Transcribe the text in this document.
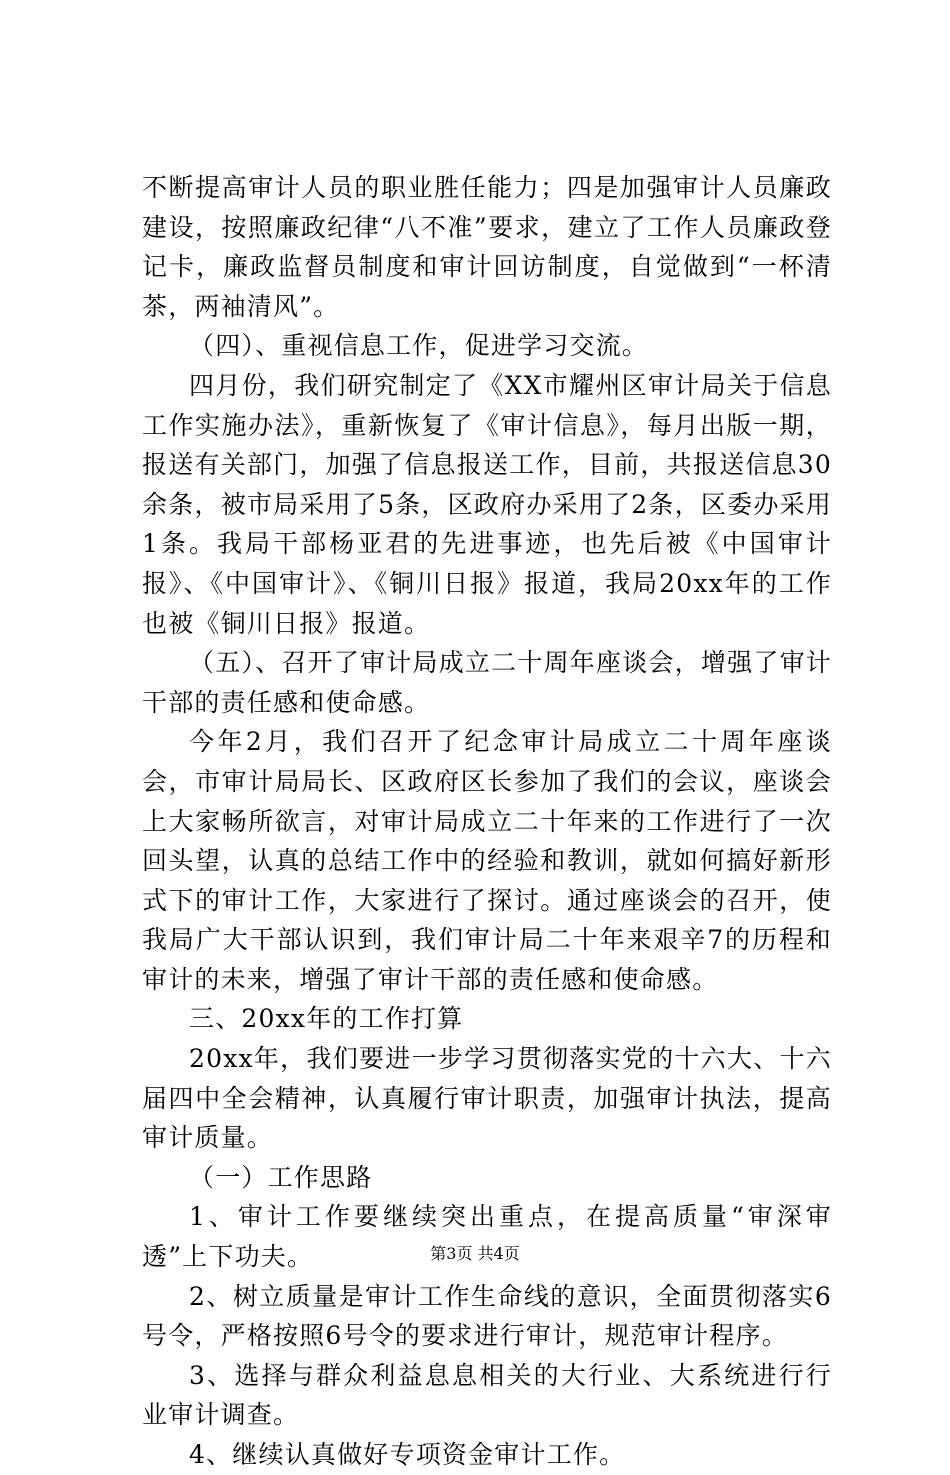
不断提高审计人员的职业胜任能力；四是加强审计人员廉政建设，按照廉政纪律“八不准”要求，建立了工作人员廉政登记卡，廉政监督员制度和审计回访制度，自觉做到“一杯清茶，两袖清风”。

（四）、重视信息工作，促进学习交流。

四月份，我们研究制定了《XX市耀州区审计局关于信息工作实施办法》，重新恢复了《审计信息》，每月出版一期，报送有关部门，加强了信息报送工作，目前，共报送信息30余条，被市局采用了5条，区政府办采用了2条，区委办采用1条。我局干部杨亚君的先进事迹，也先后被《中国审计报》、《中国审计》、《铜川日报》报道，我局20xx年的工作也被《铜川日报》报道。

（五）、召开了审计局成立二十周年座谈会，增强了审计干部的责任感和使命感。

今年2月，我们召开了纪念审计局成立二十周年座谈会，市审计局局长、区政府区长参加了我们的会议，座谈会上大家畅所欲言，对审计局成立二十年来的工作进行了一次回头望，认真的总结工作中的经验和教训，就如何搞好新形式下的审计工作，大家进行了探讨。通过座谈会的召开，使我局广大干部认识到，我们审计局二十年来艰辛7的历程和审计的未来，增强了审计干部的责任感和使命感。

三、20xx年的工作打算

20xx年，我们要进一步学习贯彻落实党的十六大、十六届四中全会精神，认真履行审计职责，加强审计执法，提高审计质量。

（一）工作思路

1、审计工作要继续突出重点，在提高质量“审深审透”上下功夫。

2、树立质量是审计工作生命线的意识，全面贯彻落实6号令，严格按照6号令的要求进行审计，规范审计程序。

3、选择与群众利益息息相关的大行业、大系统进行行业审计调查。

4、继续认真做好专项资金审计工作。

第3页 共4页
